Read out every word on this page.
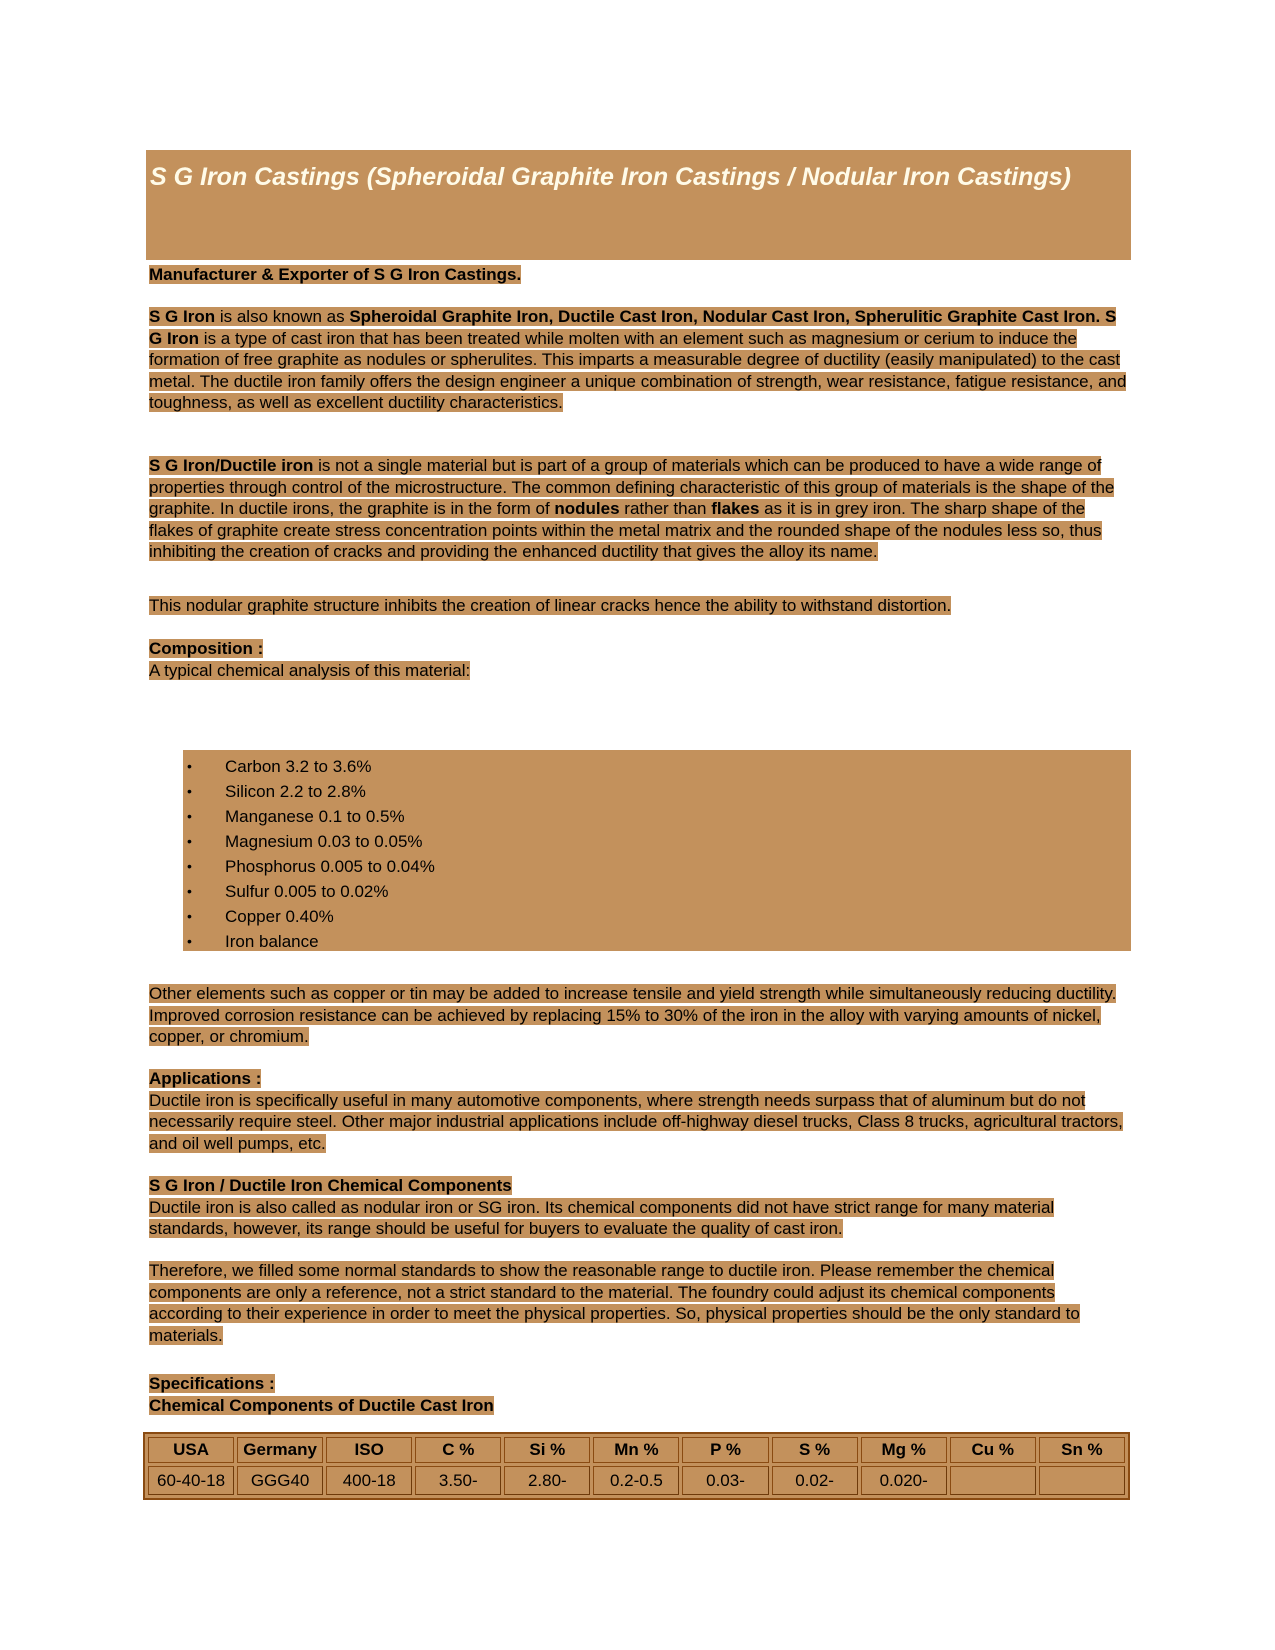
S G Iron Castings (Spheroidal Graphite Iron Castings / Nodular Iron Castings)

Manufacturer & Exporter of S G Iron Castings.

S G Iron is also known as Spheroidal Graphite Iron, Ductile Cast Iron, Nodular Cast Iron, Spherulitic Graphite Cast Iron. S G Iron is a type of cast iron that has been treated while molten with an element such as magnesium or cerium to induce the formation of free graphite as nodules or spherulites. This imparts a measurable degree of ductility (easily manipulated) to the cast metal. The ductile iron family offers the design engineer a unique combination of strength, wear resistance, fatigue resistance, and toughness, as well as excellent ductility characteristics.

S G Iron/Ductile iron is not a single material but is part of a group of materials which can be produced to have a wide range of properties through control of the microstructure. The common defining characteristic of this group of materials is the shape of the graphite. In ductile irons, the graphite is in the form of nodules rather than flakes as it is in grey iron. The sharp shape of the flakes of graphite create stress concentration points within the metal matrix and the rounded shape of the nodules less so, thus inhibiting the creation of cracks and providing the enhanced ductility that gives the alloy its name.

This nodular graphite structure inhibits the creation of linear cracks hence the ability to withstand distortion.

Composition :

A typical chemical analysis of this material:

• Carbon 3.2 to 3.6%
• Silicon 2.2 to 2.8%
• Manganese 0.1 to 0.5%
• Magnesium 0.03 to 0.05%
• Phosphorus 0.005 to 0.04%
• Sulfur 0.005 to 0.02%
• Copper 0.40%
• Iron balance

Other elements such as copper or tin may be added to increase tensile and yield strength while simultaneously reducing ductility. Improved corrosion resistance can be achieved by replacing 15% to 30% of the iron in the alloy with varying amounts of nickel, copper, or chromium.

Applications :

Ductile iron is specifically useful in many automotive components, where strength needs surpass that of aluminum but do not necessarily require steel. Other major industrial applications include off-highway diesel trucks, Class 8 trucks, agricultural tractors, and oil well pumps, etc.

S G Iron / Ductile Iron Chemical Components

Ductile iron is also called as nodular iron or SG iron. Its chemical components did not have strict range for many material standards, however, its range should be useful for buyers to evaluate the quality of cast iron.

Therefore, we filled some normal standards to show the reasonable range to ductile iron. Please remember the chemical components are only a reference, not a strict standard to the material. The foundry could adjust its chemical components according to their experience in order to meet the physical properties. So, physical properties should be the only standard to materials.

Specifications :

Chemical Components of Ductile Cast Iron

USA	Germany	ISO	C %	Si %	Mn %	P %	S %	Mg %	Cu %	Sn %
60-40-18	GGG40	400-18	3.50-	2.80-	0.2-0.5	0.03-	0.02-	0.020-		
